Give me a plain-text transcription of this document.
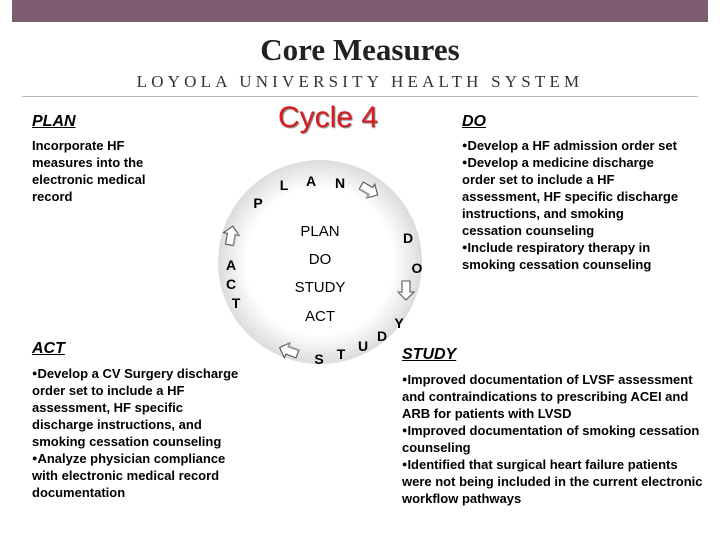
Core Measures
LOYOLA UNIVERSITY HEALTH SYSTEM
Cycle 4
PLAN
Incorporate HF measures into the electronic medical record
DO
● Develop a HF admission order set
● Develop a medicine discharge order set to include a HF assessment, HF specific discharge instructions, and smoking cessation counseling
● Include respiratory therapy in smoking cessation counseling
ACT
● Develop a CV Surgery discharge order set to include a HF assessment, HF specific discharge instructions, and smoking cessation counseling
● Analyze physician compliance with electronic medical record documentation
STUDY
● Improved documentation of LVSF assessment and contraindications to prescribing ACEI and ARB for patients with LVSD
● Improved documentation of smoking cessation counseling
● Identified that surgical heart failure patients were not being included in the current electronic workflow pathways
P
L A N
D
O
S T U
D
Y
A
C
T
PLAN
DO
STUDY
ACT
